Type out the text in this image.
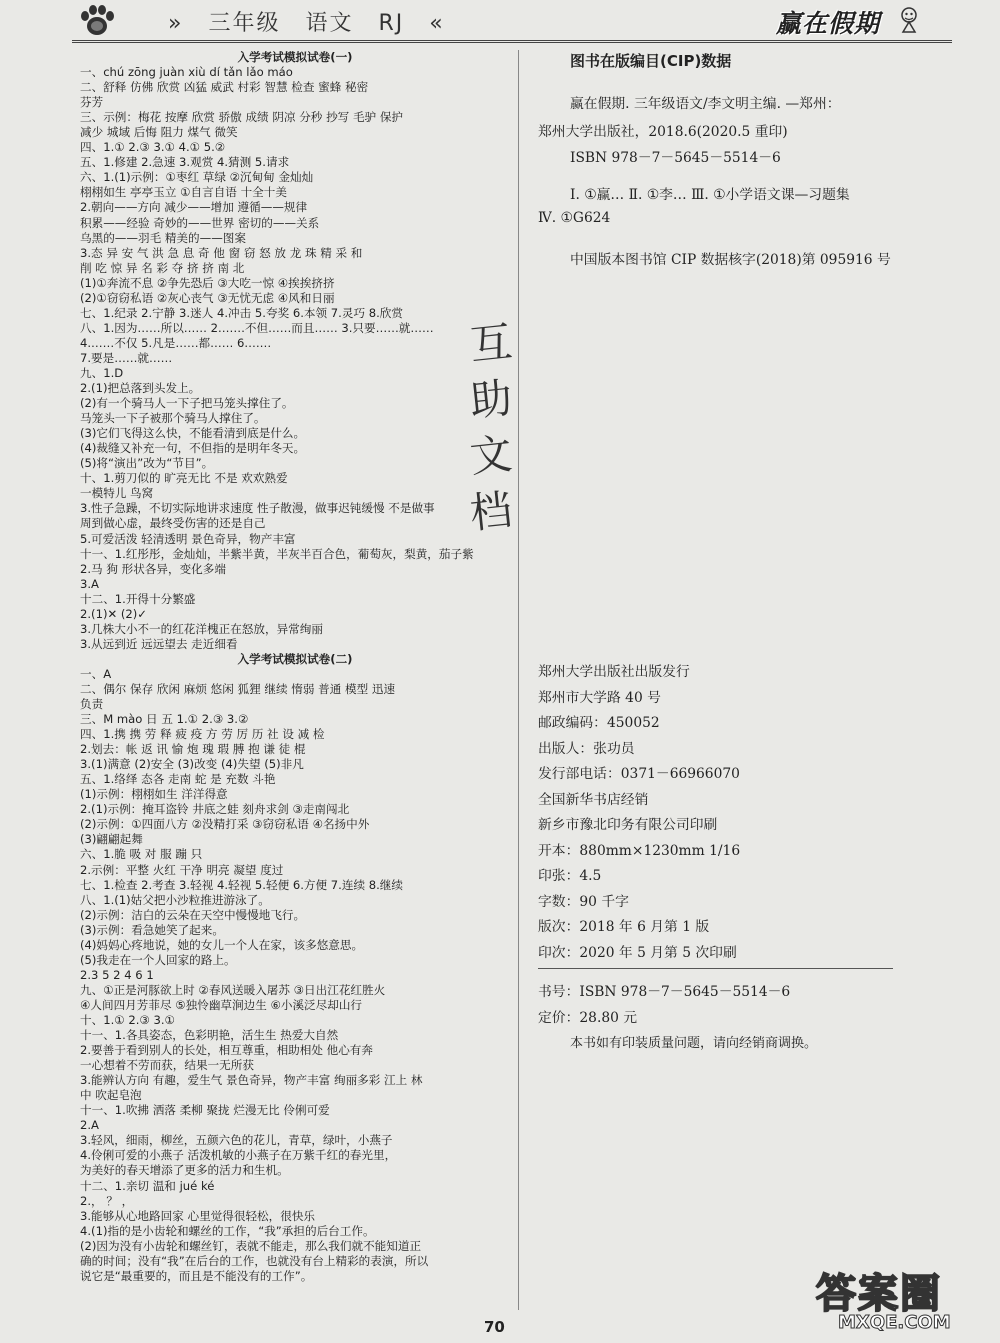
» 三年级 语文 RJ «	赢在假期
入学考试模拟试卷(一)
一、chú zōng juàn xiù dí tǎn lǎo máo
二、舒释 仿佛 欣赏 凶猛 威武 村彩 智慧 检查 蜜蜂 秘密
芬芳
三、示例：梅花 按摩 欣赏 骄傲 成绩 阴凉 分秒 抄写 毛驴 保护
减少 城域 后悔 阻力 煤气 微笑
四、1.① 2.③ 3.① 4.① 5.②
五、1.修建 2.急速 3.观赏 4.猜测 5.请求
六、1.(1)示例：①枣红 草绿 ②沉甸甸 金灿灿
栩栩如生 亭亭玉立 ①自言自语 十全十美
2.朝向——方向 减少——增加 遵循——规律
积累——经验 奇妙的——世界 密切的——关系
乌黑的——羽毛 精美的——图案
3.态 异 安 气 洪 急 息 奇 他 窗 窃 怒 放 龙 珠 精 采 和
削 吃 惊 异 名 彩 夺 挤 挤 南 北
(1)①奔流不息 ②争先恐后 ③大吃一惊 ④挨挨挤挤
(2)①窃窃私语 ②灰心丧气 ③无忧无虑 ④风和日丽
七、1.纪录 2.宁静 3.迷人 4.冲击 5.夸奖 6.本领 7.灵巧 8.欣赏
八、1.因为……所以…… 2.……不但……而且…… 3.只要……就……
4.……不仅 5.凡是……都…… 6.……
7.要是……就……
九、1.D
2.(1)把总落到头发上。
(2)有一个骑马人一下子把马笼头撑住了。
马笼头一下子被那个骑马人撑住了。
(3)它们飞得这么快，不能看清到底是什么。
(4)裁缝又补充一句，不但指的是明年冬天。
(5)将“演出”改为“节目”。
十、1.剪刀似的 旷亮无比 不是 欢欢熟爱
一模特儿 鸟窝
3.性子急躁，不切实际地讲求速度 性子散漫，做事迟钝缓慢 不是做事
周到做心虚，最终受伤害的还是自己
5.可爱活泼 轻清透明 景色奇异，物产丰富
十一、1.红彤彤，金灿灿，半紫半黄，半灰半百合色，葡萄灰，梨黄，茄子紫
2.马 狗 形状各异，变化多端
3.A
十二、1.开得十分繁盛
2.(1)✕ (2)✓
3.几株大小不一的红花洋槐正在怒放，异常绚丽
3.从远到近 远远望去 走近细看
入学考试模拟试卷(二)
一、A
二、偶尔 保存 欣闲 麻烦 悠闲 狐狸 继续 惰弱 普通 模型 迅速
负责
三、M mào 日 五 1.① 2.③ 3.②
四、1.携 携 劳 释 疲 疫 方 劳 厉 历 社 设 减 检
2.划去：帐 返 讯 愉 炮 瑰 瑕 膊 抱 谦 徒 棍
3.(1)满意 (2)安全 (3)改变 (4)失望 (5)非凡
五、1.络绎 态各 走南 蛇 是 充数 斗艳
(1)示例：栩栩如生 洋洋得意
2.(1)示例：掩耳盗铃 井底之蛙 刻舟求剑 ③走南闯北
(2)示例：①四面八方 ②没精打采 ③窃窃私语 ④名扬中外
(3)翩翩起舞
六、1.脆 吸 对 服 蹦 只
2.示例：平整 火红 干净 明亮 凝望 度过
七、1.检查 2.考查 3.轻视 4.轻视 5.轻便 6.方便 7.连续 8.继续
八、1.(1)姑父把小沙粒推进游泳了。
(2)示例：洁白的云朵在天空中慢慢地飞行。
(3)示例：看急她笑了起来。
(4)妈妈心疼地说，她的女儿一个人在家，该多悠意思。
(5)我走在一个人回家的路上。
2.3 5 2 4 6 1
九、①正是河豚欲上时 ②春风送暖入屠苏 ③日出江花红胜火
④人间四月芳菲尽 ⑤独怜幽草涧边生 ⑥小溪泛尽却山行
十、1.① 2.③ 3.①
十一、1.各具姿态，色彩明艳，活生生 热爱大自然
2.要善于看到别人的长处，相互尊重，相助相处 他心有奔
一心想着不劳而获，结果一无所获
3.能辨认方向 有趣，爱生气 景色奇异，物产丰富 绚丽多彩 江上 林
中 吹起皂泡
十一、1.吹拂 洒落 柔柳 聚拢 烂漫无比 伶俐可爱
2.A
3.轻风，细雨，柳丝，五颜六色的花儿，青草，绿叶，小燕子
4.伶俐可爱的小燕子 活泼机敏的小燕子在万紫千红的春光里，
为美好的春天增添了更多的活力和生机。
十二、1.亲切 温和 jué ké
2.， ？ ，
3.能够从心地路回家 心里觉得很轻松，很快乐
4.(1)指的是小齿轮和螺丝的工作，“我”承担的后台工作。
(2)因为没有小齿轮和螺丝钉，表就不能走，那么我们就不能知道正
确的时间；没有“我”在后台的工作，也就没有台上精彩的表演，所以
说它是“最重要的，而且是不能没有的工作”。
互
助
文
档
图书在版编目(CIP)数据
赢在假期. 三年级语文/李文明主编. —郑州：
郑州大学出版社，2018.6(2020.5 重印)
ISBN 978－7－5645－5514－6
Ⅰ. ①赢… Ⅱ. ①李… Ⅲ. ①小学语文课—习题集
Ⅳ. ①G624
中国版本图书馆 CIP 数据核字(2018)第 095916 号
郑州大学出版社出版发行
郑州市大学路 40 号
邮政编码：450052
出版人：张功员
发行部电话：0371－66966070
全国新华书店经销
新乡市豫北印务有限公司印刷
开本：880mm×1230mm 1/16
印张：4.5
字数：90 千字
版次：2018 年 6 月第 1 版
印次：2020 年 5 月第 5 次印刷
书号：ISBN 978－7－5645－5514－6
定价：28.80 元
本书如有印装质量问题，请向经销商调换。
70
答案圈
MXQE.COM
